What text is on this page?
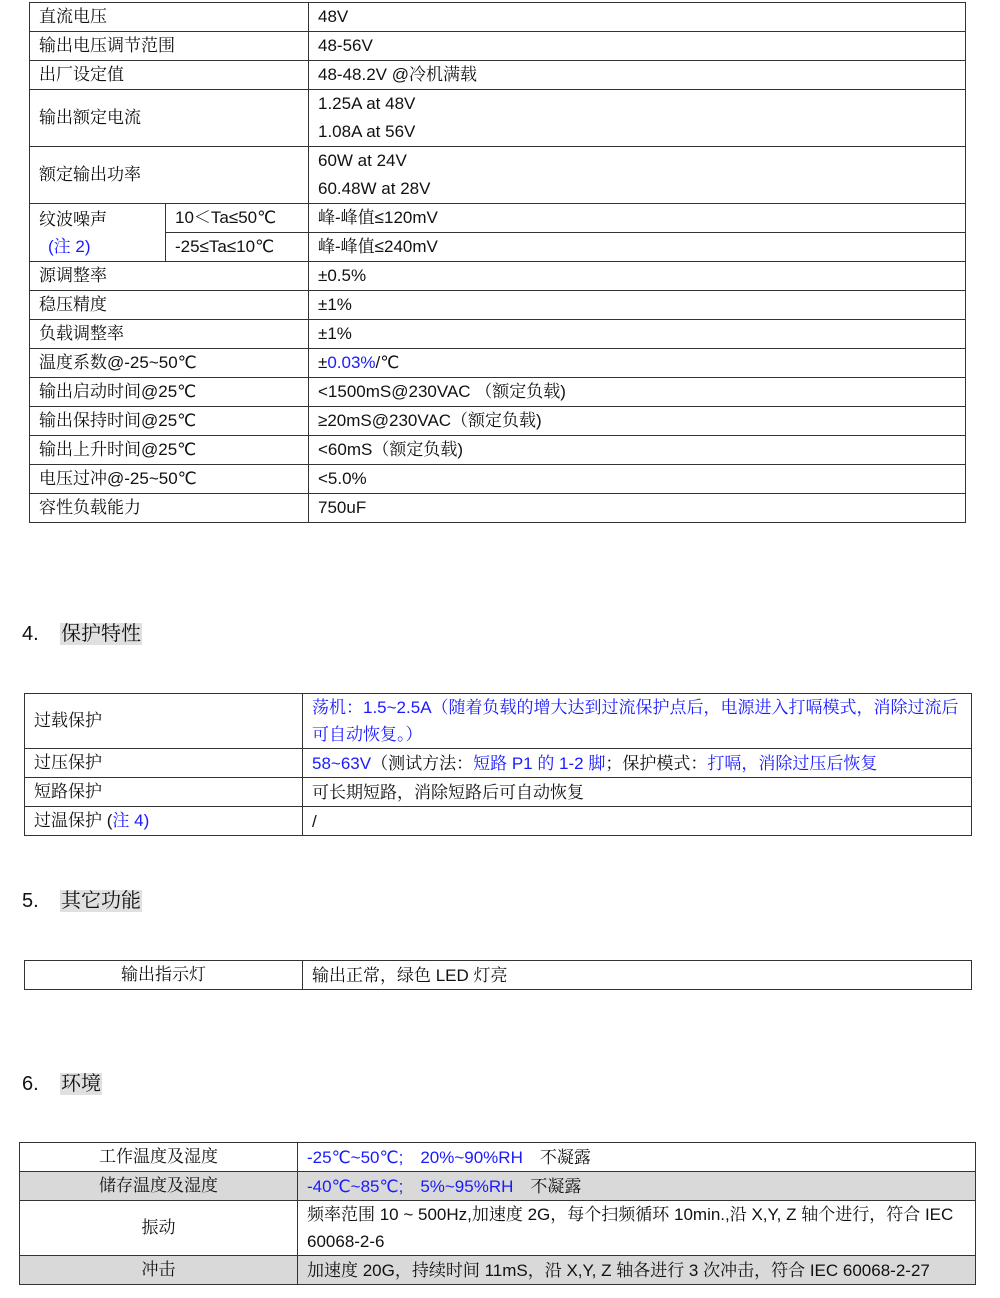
直流电压		48V

输出电压调节范围		48-56V

出厂设定值		48-48.2V @冷机满载

输出额定电流		1.25A at 48V
1.08A at 56V

额定输出功率		60W at 24V
60.48W at 28V

纹波噪声
(注 2)	10＜Ta≤50℃	峰-峰值≤120mV
	-25≤Ta≤10℃	峰-峰值≤240mV
源调整率		±0.5%

稳压精度		±1%

负载调整率		±1%

温度系数@-25~50℃		±0.03%/℃

输出启动时间@25℃		<1500mS@230VAC （额定负载)

输出保持时间@25℃		≥20mS@230VAC（额定负载)

输出上升时间@25℃		<60mS（额定负载)

电压过冲@-25~50℃		<5.0%

容性负载能力		750uF
4. 保护特性
过载保护	荡机：1.5~2.5A（随着负载的增大达到过流保护点后，电源进入打嗝模式，消除过流后可自动恢复。）
过压保护	58~63V（测试方法：短路 P1 的 1-2 脚；保护模式：打嗝，消除过压后恢复
短路保护	可长期短路，消除短路后可自动恢复
过温保护 (注 4)	/
5. 其它功能
输出指示灯	输出正常，绿色 LED 灯亮
6. 环境
工作温度及湿度	-25℃~50℃;　20%~90%RH　不凝露
储存温度及湿度	-40℃~85℃;　5%~95%RH　不凝露
振动	频率范围 10 ~ 500Hz,加速度 2G，每个扫频循环 10min.,沿 X,Y, Z 轴个进行，符合 IEC 60068-2-6
冲击	加速度 20G，持续时间 11mS，沿 X,Y, Z 轴各进行 3 次冲击，符合 IEC 60068-2-27
